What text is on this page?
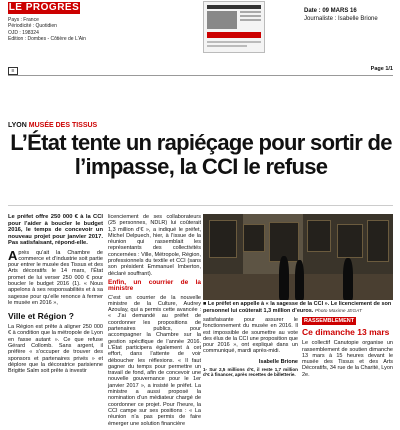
LE PROGRÈS
Pays : France
Périodicité : Quotidien
OJD : 198324
Edition : Dombes - Côtière de L'Ain
Date : 09 MARS 16
Journaliste : Isabelle Brione
≡	Page 1/1
LYON MUSÉE DES TISSUS
L’État tente un rapiéçage pour sortir de l’impasse, la CCI le refuse

Le préfet offre 250 000 € à la CCI pour l’aider à boucler le budget 2016, le temps de concevoir un nouveau projet pour janvier 2017. Pas satisfaisant, répond-elle.

Après qu’ait la Chambre de commerce et d’industrie soit partie pour entrer le musée des Tissus et des Arts décoratifs le 14 mars, l’État promet de lui verser 250 000 € pour boucler le budget 2016 (1). « Nous appelons à ses responsabilités et à sa sagesse pour qu’elle renonce à fermer le musée en 2016 »,

Ville et Région ?

La Région est prête à aligner 250 000 € à condition que la métropole de Lyon en fasse autant ». Ce que refuse Gérard Collomb. Sans argent, il préfère « s’occuper de trouver des sponsors et partenaires privés » et déplore que la décoratrice parisienne Brigitte Salm soit prête à investir

licenciement de ses collaborateurs (25 personnes, NDLR) lui coûterait 1,3 million d’€ », a indiqué le préfet, Michel Delpuech, hier, à l’issue de la réunion qui rassemblait les représentants des collectivités concernées : Ville, Métropole, Région, professionnels du textile et CCI (sans son président Emmanuel Imberton, déclaré souffrant).

Enfin, un courrier de la ministre

C’est un courrier de la nouvelle ministre de la Culture, Audrey Azoulay, qui a permis cette avancée : « J’ai demandé au préfet de coordonner les propositions de partenaires publics, pour accompagner la Chambre sur la gestion spécifique de l’année 2016. L’État participera également à cet effort, dans l’attente de voir déboucher les réflexions. « Il faut gagner du temps pour permettre un travail de fond, afin de concevoir une nouvelle gouvernance pour le 1er janvier 2017 », a insisté le préfet. La ministre a aussi proposé la nomination d’un médiateur chargé de coordonner ce projet. Pour l’heure, la CCI campe sur ses positions : « La réunion n’a pas permis de faire émerger une solution financière

■ Le préfet en appelle à « la sagesse de la CCI ». Le licenciement de son personnel lui coûterait 1,3 million d’euros. Photo Maxime JEGAT

satisfaisante pour assurer le fonctionnement du musée en 2016. Il est impossible de soumettre au vote des élus de la CCI une proposition que pour 2016 », ont expliqué dans un communiqué, mardi après-midi.

Isabelle Brione
1- Sur 2,5 millions d’€, il reste 1,7 million d’€ à financer, après recettes de billetterie.
RASSEMBLEMENT
Ce dimanche 13 mars

Le collectif Canutopie organise un rassemblement de soutien dimanche 13 mars à 15 heures devant le musée des Tissus et des Arts Décoratifs, 34 rue de la Charité, Lyon 2e.
